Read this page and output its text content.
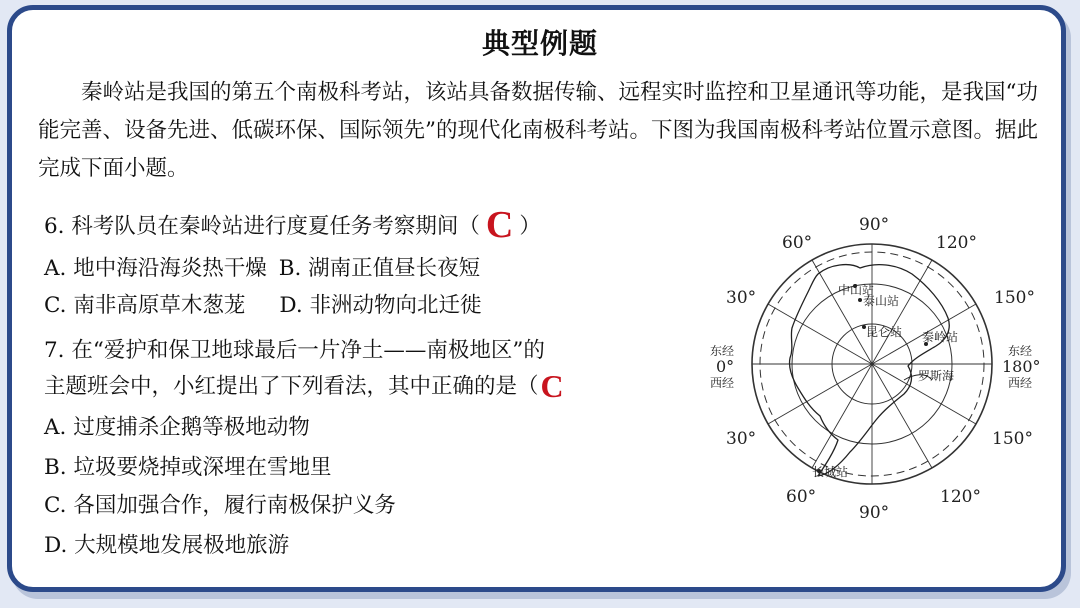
典型例题
秦岭站是我国的第五个南极科考站，该站具备数据传输、远程实时监控和卫星通讯等功能，是我国“功能完善、设备先进、低碳环保、国际领先”的现代化南极科考站。下图为我国南极科考站位置示意图。据此完成下面小题。
6. 科考队员在秦岭站进行度夏任务考察期间（ C ）
A. 地中海沿海炎热干燥 B. 湖南正值昼长夜短
C. 南非高原草木葱茏 D. 非洲动物向北迁徙
7. 在“爱护和保卫地球最后一片净土——南极地区”的
主题班会中，小红提出了下列看法，其中正确的是（C
A. 过度捕杀企鹅等极地动物
B. 垃圾要烧掉或深埋在雪地里
C. 各国加强合作，履行南极保护义务
D. 大规模地发展极地旅游
中山站
泰山站
昆仑站 秦岭站
罗斯海
长城站
90°
60°	120°
30°	150°
东经
0°
西经
东经
180°
西经
30°	150°
60°	120°
90°
